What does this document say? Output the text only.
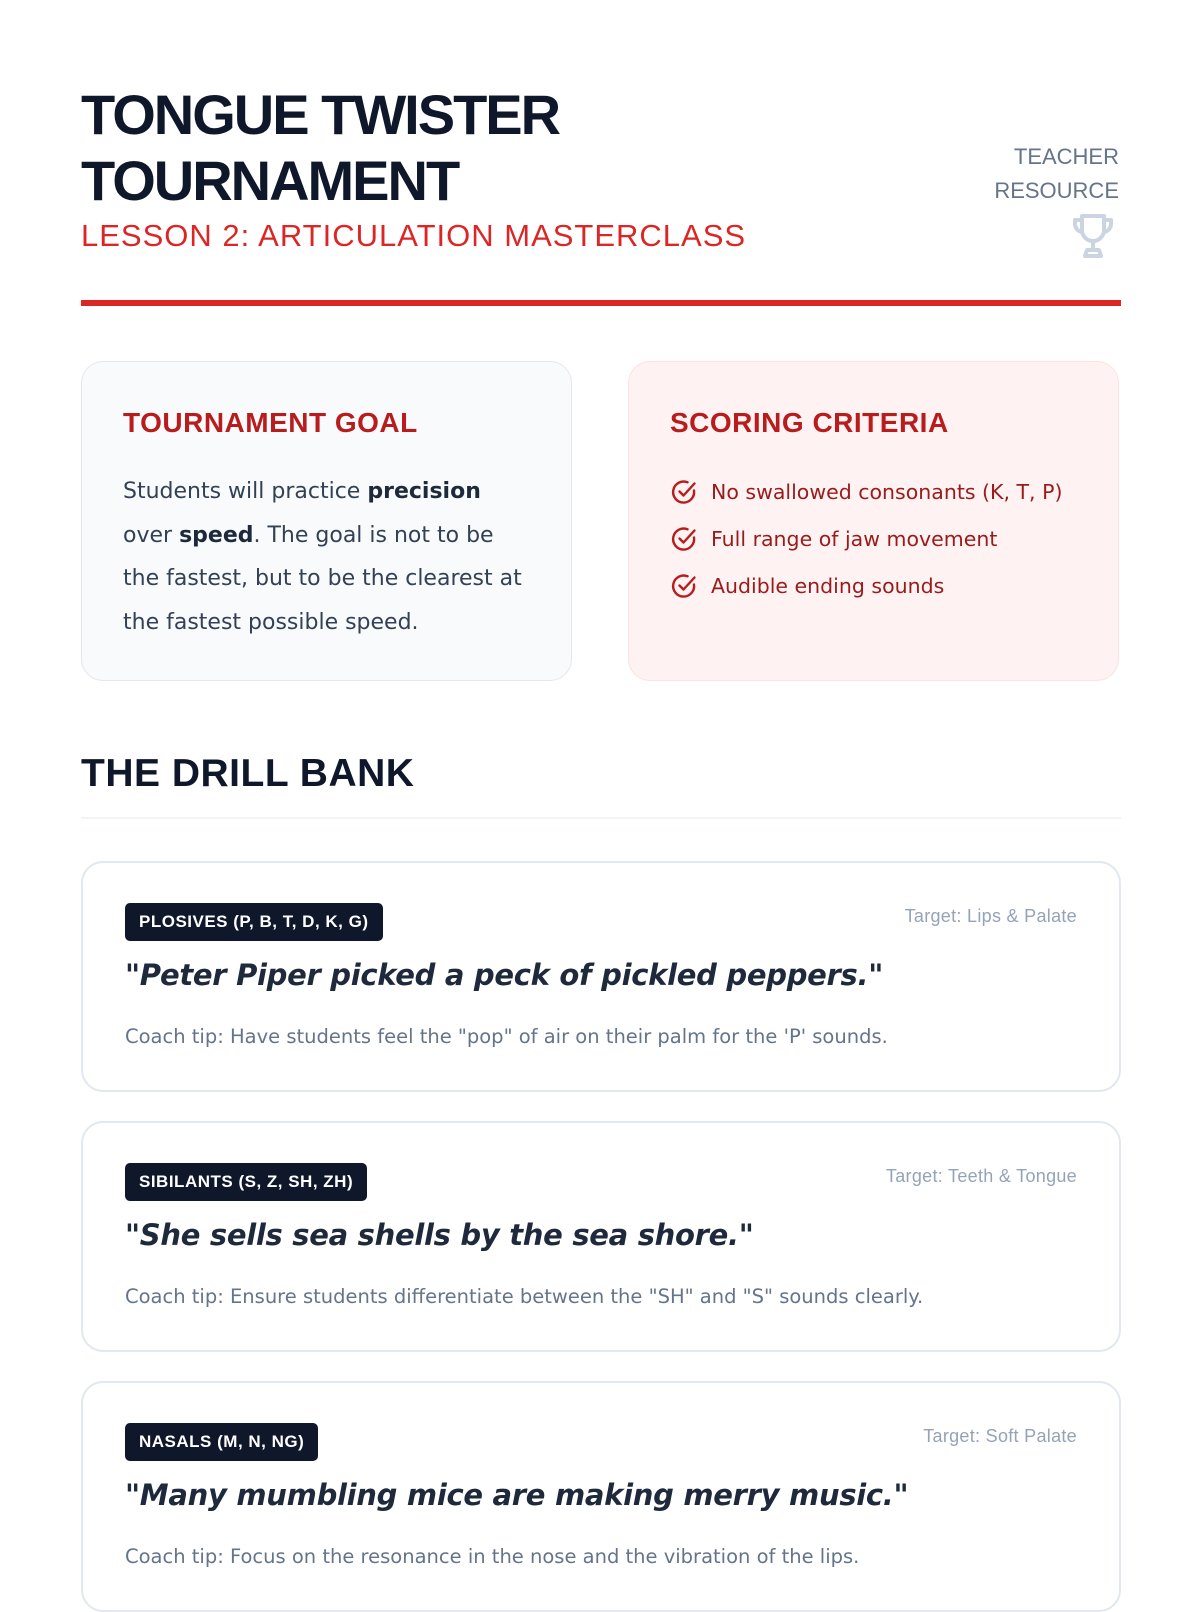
TONGUE TWISTER
TOURNAMENT
LESSON 2: ARTICULATION MASTERCLASS
TEACHER
RESOURCE
TOURNAMENT GOAL
Students will practice precision over speed. The goal is not to be the fastest, but to be the clearest at the fastest possible speed.
SCORING CRITERIA
No swallowed consonants (K, T, P)
Full range of jaw movement
Audible ending sounds
THE DRILL BANK
PLOSIVES (P, B, T, D, K, G)	Target: Lips & Palate
"Peter Piper picked a peck of pickled peppers."
Coach tip: Have students feel the "pop" of air on their palm for the 'P' sounds.
SIBILANTS (S, Z, SH, ZH)	Target: Teeth & Tongue
"She sells sea shells by the sea shore."
Coach tip: Ensure students differentiate between the "SH" and "S" sounds clearly.
NASALS (M, N, NG)	Target: Soft Palate
"Many mumbling mice are making merry music."
Coach tip: Focus on the resonance in the nose and the vibration of the lips.
